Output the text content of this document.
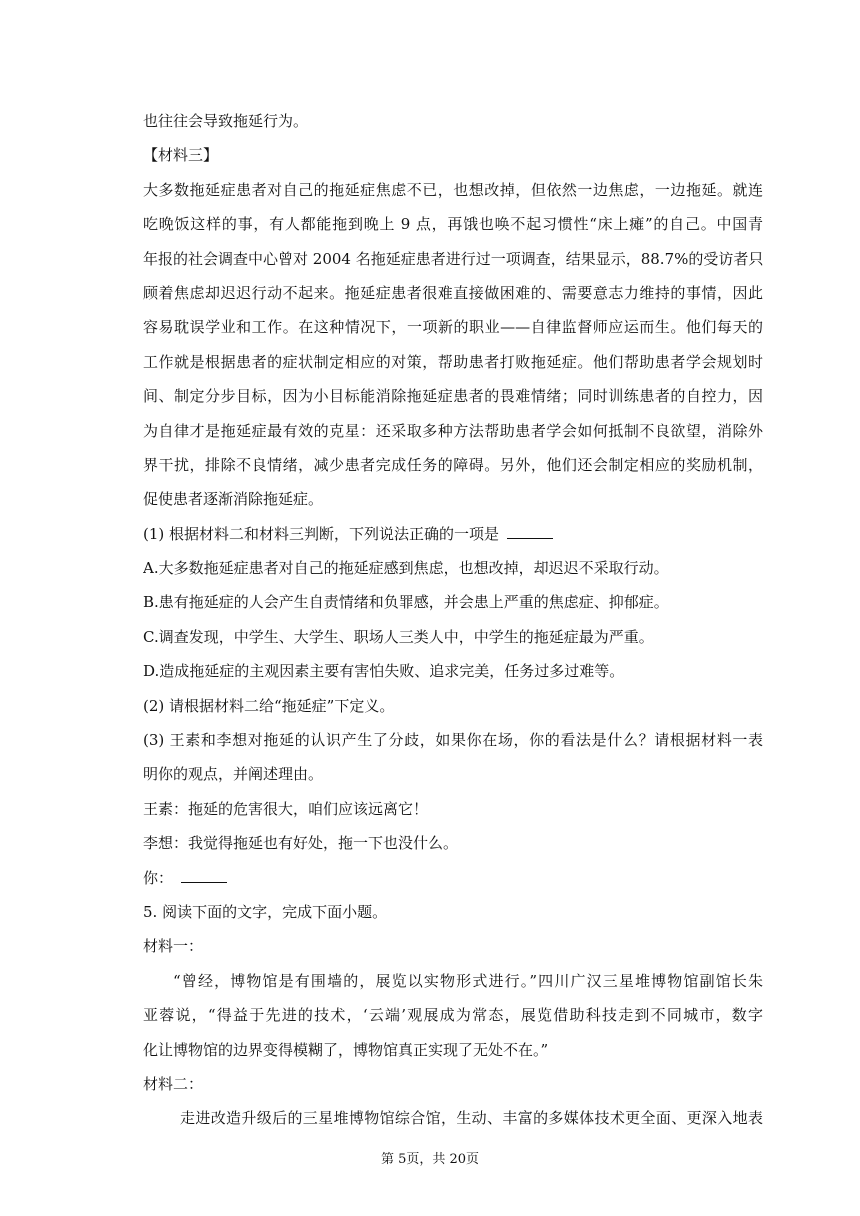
也往往会导致拖延行为。
【材料三】
大多数拖延症患者对自己的拖延症焦虑不已，也想改掉，但依然一边焦虑，一边拖延。就连
吃晚饭这样的事，有人都能拖到晚上 9 点，再饿也唤不起习惯性“床上瘫”的自己。中国青
年报的社会调查中心曾对 2004 名拖延症患者进行过一项调查，结果显示，88.7%的受访者只
顾着焦虑却迟迟行动不起来。拖延症患者很难直接做困难的、需要意志力维持的事情，因此
容易耽误学业和工作。在这种情况下，一项新的职业——自律监督师应运而生。他们每天的
工作就是根据患者的症状制定相应的对策，帮助患者打败拖延症。他们帮助患者学会规划时
间、制定分步目标，因为小目标能消除拖延症患者的畏难情绪；同时训练患者的自控力，因
为自律才是拖延症最有效的克星：还采取多种方法帮助患者学会如何抵制不良欲望，消除外
界干扰，排除不良情绪，减少患者完成任务的障碍。另外，他们还会制定相应的奖励机制，
促使患者逐渐消除拖延症。
(1) 根据材料二和材料三判断，下列说法正确的一项是
A.大多数拖延症患者对自己的拖延症感到焦虑，也想改掉，却迟迟不采取行动。
B.患有拖延症的人会产生自责情绪和负罪感，并会患上严重的焦虑症、抑郁症。
C.调查发现，中学生、大学生、职场人三类人中，中学生的拖延症最为严重。
D.造成拖延症的主观因素主要有害怕失败、追求完美，任务过多过难等。
(2) 请根据材料二给“拖延症”下定义。
(3) 王素和李想对拖延的认识产生了分歧，如果你在场，你的看法是什么？请根据材料一表
明你的观点，并阐述理由。
王素：拖延的危害很大，咱们应该远离它！
李想：我觉得拖延也有好处，拖一下也没什么。
你：
5. 阅读下面的文字，完成下面小题。
材料一：
“曾经，博物馆是有围墙的，展览以实物形式进行。”四川广汉三星堆博物馆副馆长朱
亚蓉说，“得益于先进的技术，‘云端’观展成为常态，展览借助科技走到不同城市，数字
化让博物馆的边界变得模糊了，博物馆真正实现了无处不在。”
材料二：
走进改造升级后的三星堆博物馆综合馆，生动、丰富的多媒体技术更全面、更深入地表
第 5页，共 20页
